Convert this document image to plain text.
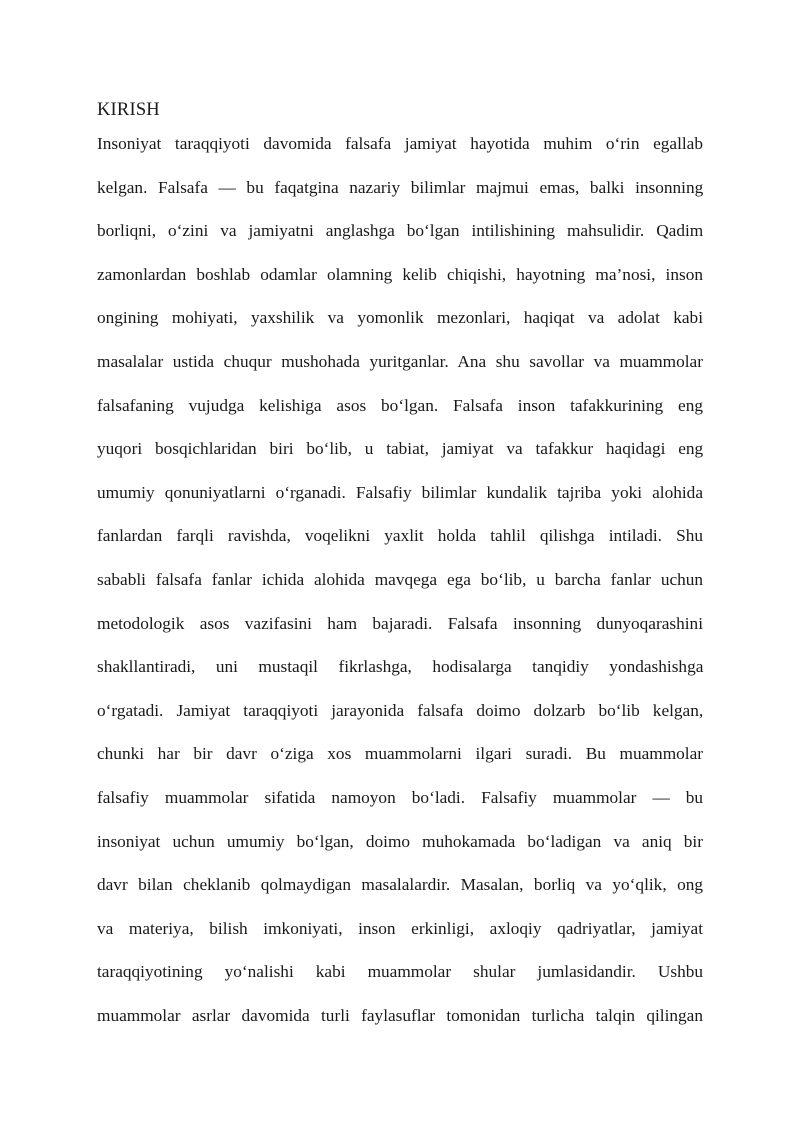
KIRISH
Insoniyat taraqqiyoti davomida falsafa jamiyat hayotida muhim o‘rin egallab
kelgan. Falsafa — bu faqatgina nazariy bilimlar majmui emas, balki insonning
borliqni, o‘zini va jamiyatni anglashga bo‘lgan intilishining mahsulidir. Qadim
zamonlardan boshlab odamlar olamning kelib chiqishi, hayotning ma’nosi, inson
ongining mohiyati, yaxshilik va yomonlik mezonlari, haqiqat va adolat kabi
masalalar ustida chuqur mushohada yuritganlar. Ana shu savollar va muammolar
falsafaning vujudga kelishiga asos bo‘lgan. Falsafa inson tafakkurining eng
yuqori bosqichlaridan biri bo‘lib, u tabiat, jamiyat va tafakkur haqidagi eng
umumiy qonuniyatlarni o‘rganadi. Falsafiy bilimlar kundalik tajriba yoki alohida
fanlardan farqli ravishda, voqelikni yaxlit holda tahlil qilishga intiladi. Shu
sababli falsafa fanlar ichida alohida mavqega ega bo‘lib, u barcha fanlar uchun
metodologik asos vazifasini ham bajaradi. Falsafa insonning dunyoqarashini
shakllantiradi, uni mustaqil fikrlashga, hodisalarga tanqidiy yondashishga
o‘rgatadi. Jamiyat taraqqiyoti jarayonida falsafa doimo dolzarb bo‘lib kelgan,
chunki har bir davr o‘ziga xos muammolarni ilgari suradi. Bu muammolar
falsafiy muammolar sifatida namoyon bo‘ladi. Falsafiy muammolar — bu
insoniyat uchun umumiy bo‘lgan, doimo muhokamada bo‘ladigan va aniq bir
davr bilan cheklanib qolmaydigan masalalardir. Masalan, borliq va yo‘qlik, ong
va materiya, bilish imkoniyati, inson erkinligi, axloqiy qadriyatlar, jamiyat
taraqqiyotining yo‘nalishi kabi muammolar shular jumlasidandir. Ushbu
muammolar asrlar davomida turli faylasuflar tomonidan turlicha talqin qilingan
